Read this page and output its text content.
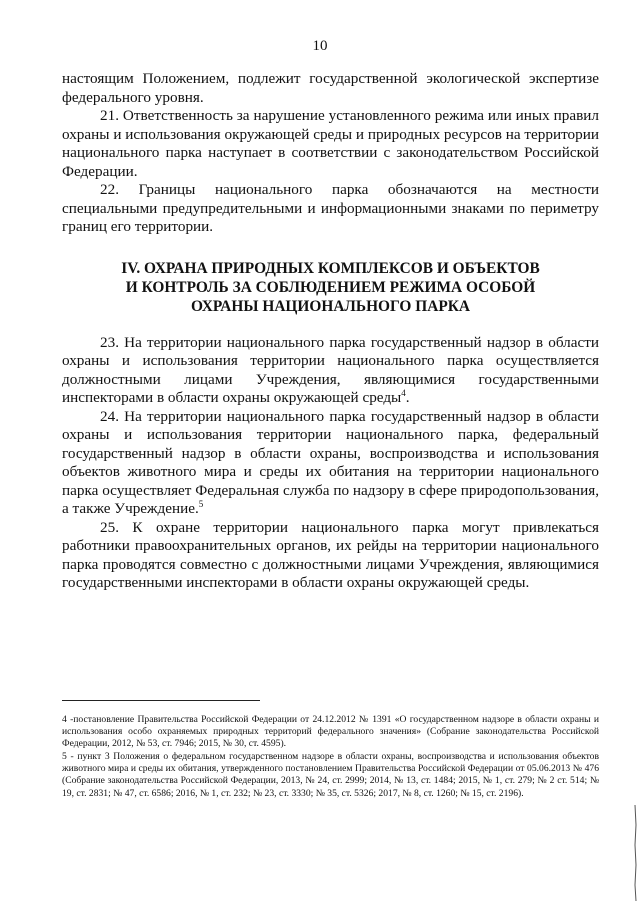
10

настоящим Положением, подлежит государственной экологической экспертизе федерального уровня.

21. Ответственность за нарушение установленного режима или иных правил охраны и использования окружающей среды и природных ресурсов на территории национального парка наступает в соответствии с законодательством Российской Федерации.

22. Границы национального парка обозначаются на местности специальными предупредительными и информационными знаками по периметру границ его территории.

IV. ОХРАНА ПРИРОДНЫХ КОМПЛЕКСОВ И ОБЪЕКТОВ
И КОНТРОЛЬ ЗА СОБЛЮДЕНИЕМ РЕЖИМА ОСОБОЙ
ОХРАНЫ НАЦИОНАЛЬНОГО ПАРКА

23. На территории национального парка государственный надзор в области охраны и использования территории национального парка осуществляется должностными лицами Учреждения, являющимися государственными инспекторами в области охраны окружающей среды$^4$.

24. На территории национального парка государственный надзор в области охраны и использования территории национального парка, федеральный государственный надзор в области охраны, воспроизводства и использования объектов животного мира и среды их обитания на территории национального парка осуществляет Федеральная служба по надзору в сфере природопользования, а также Учреждение.$^5$

25. К охране территории национального парка могут привлекаться работники правоохранительных органов, их рейды на территории национального парка проводятся совместно с должностными лицами Учреждения, являющимися государственными инспекторами в области охраны окружающей среды.

4 -постановление Правительства Российской Федерации от 24.12.2012 № 1391 «О государственном надзоре в области охраны и использования особо охраняемых природных территорий федерального значения» (Собрание законодательства Российской Федерации, 2012, № 53, ст. 7946; 2015, № 30, ст. 4595).

5 - пункт 3 Положения о федеральном государственном надзоре в области охраны, воспроизводства и использования объектов животного мира и среды их обитания, утвержденного постановлением Правительства Российской Федерации от 05.06.2013 № 476 (Собрание законодательства Российской Федерации, 2013, № 24, ст. 2999; 2014, № 13, ст. 1484; 2015, № 1, ст. 279; № 2 ст. 514; № 19, ст. 2831; № 47, ст. 6586; 2016, № 1, ст. 232; № 23, ст. 3330; № 35, ст. 5326; 2017, № 8, ст. 1260; № 15, ст. 2196).
